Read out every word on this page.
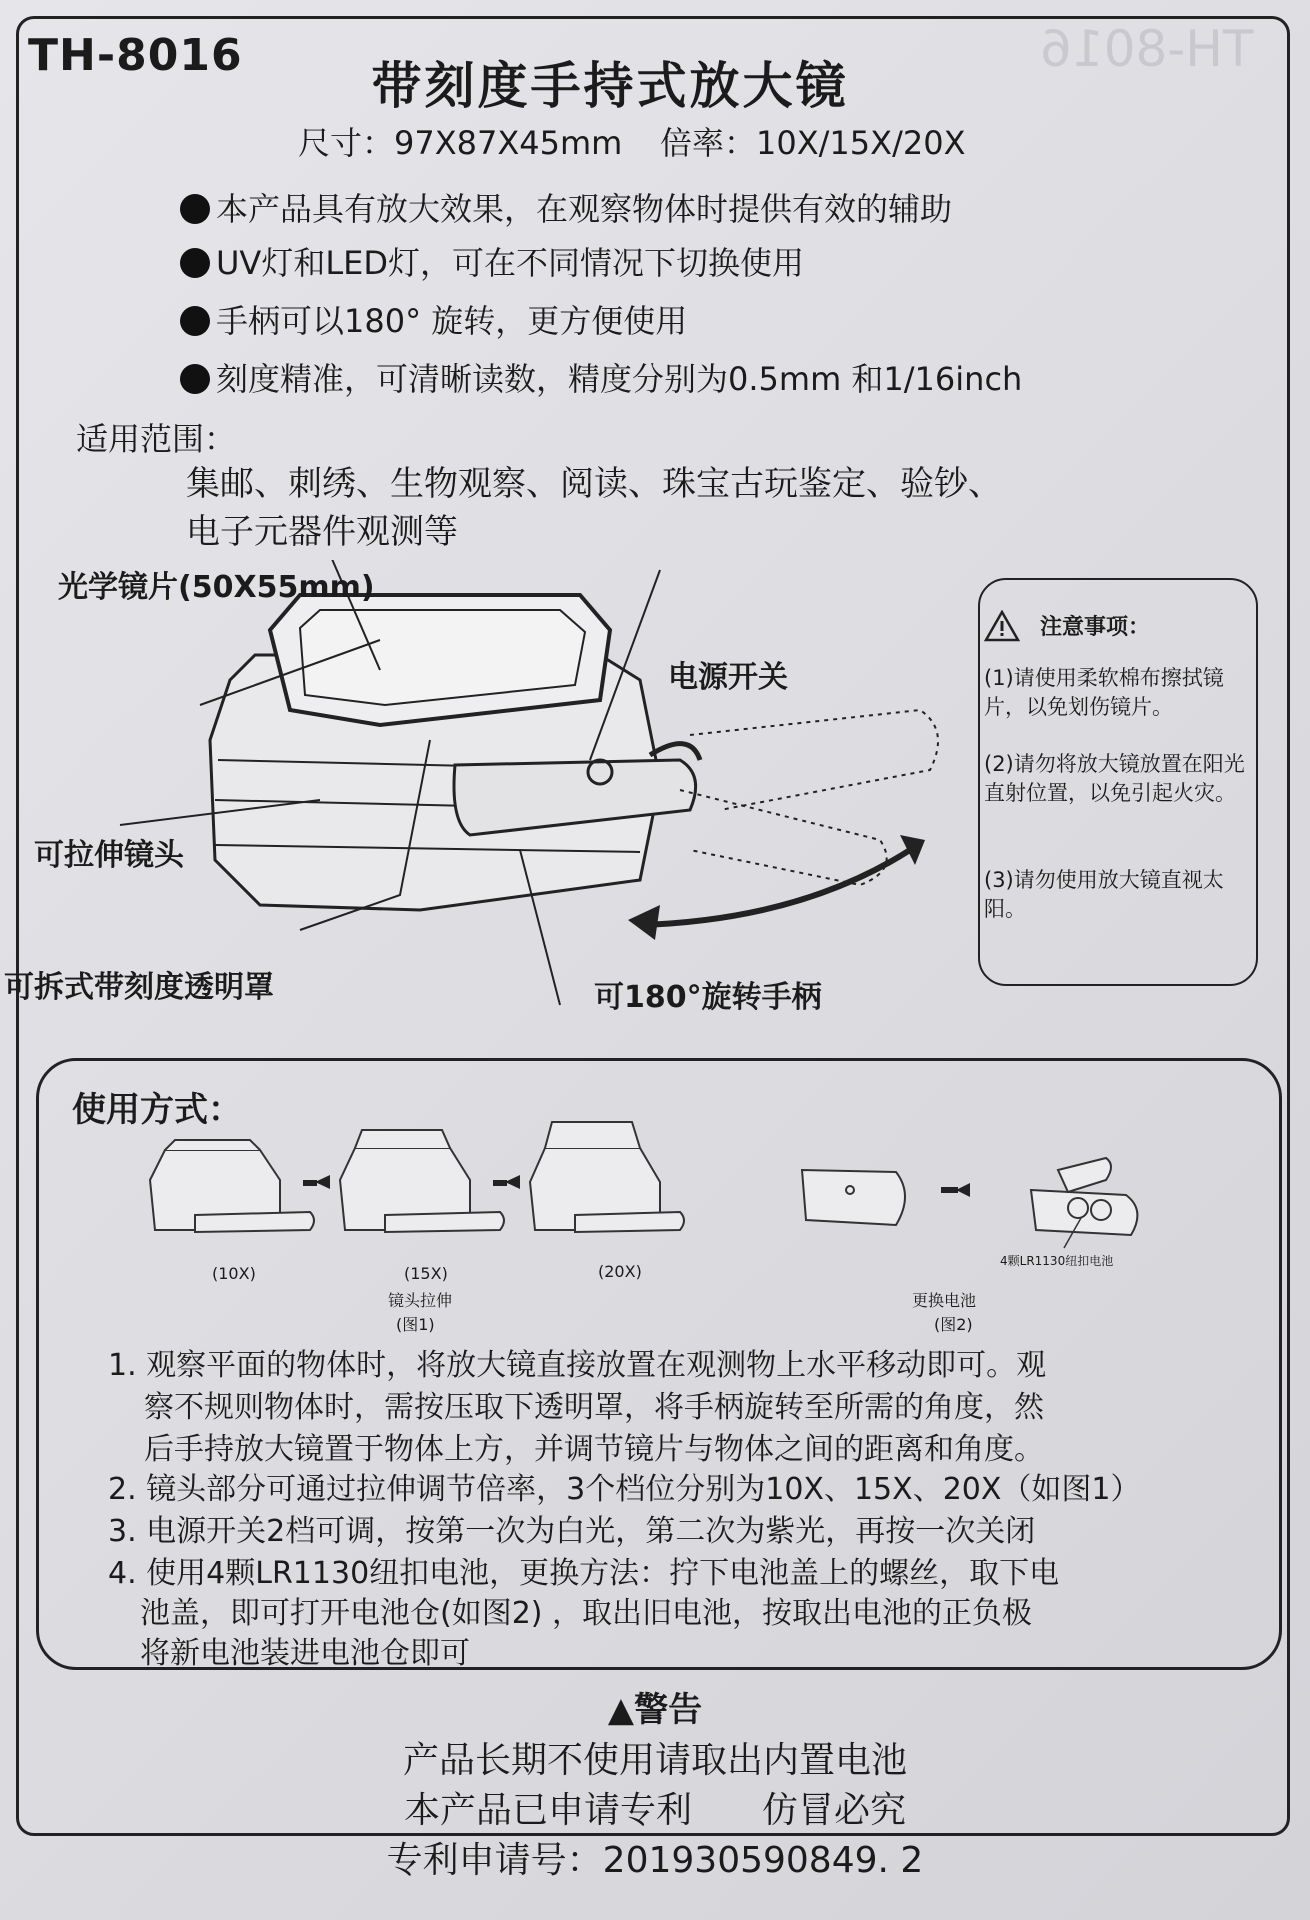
TH-8016
TH-8016
带刻度手持式放大镜
尺寸：97X87X45mm 倍率：10X/15X/20X
本产品具有放大效果，在观察物体时提供有效的辅助
UV灯和LED灯，可在不同情况下切换使用
手柄可以180° 旋转，更方便使用
刻度精准，可清晰读数，精度分别为0.5mm 和1/16inch
适用范围：
集邮、刺绣、生物观察、阅读、珠宝古玩鉴定、验钞、
电子元器件观测等
光学镜片(50X55mm)
电源开关
可拉伸镜头
可拆式带刻度透明罩	可180°旋转手柄
注意事项：
(1)请使用柔软棉布擦拭镜片，以免划伤镜片。
(2)请勿将放大镜放置在阳光直射位置，以免引起火灾。
(3)请勿使用放大镜直视太阳。
使用方式：
(10X)	(15X)	(20X)
镜头拉伸
(图1)
4颗LR1130纽扣电池
更换电池
(图2)
1. 观察平面的物体时，将放大镜直接放置在观测物上水平移动即可。观
察不规则物体时，需按压取下透明罩，将手柄旋转至所需的角度，然
后手持放大镜置于物体上方，并调节镜片与物体之间的距离和角度。
2. 镜头部分可通过拉伸调节倍率，3个档位分别为10X、15X、20X（如图1）
3. 电源开关2档可调，按第一次为白光，第二次为紫光，再按一次关闭
4. 使用4颗LR1130纽扣电池，更换方法：拧下电池盖上的螺丝，取下电
池盖，即可打开电池仓(如图2) ，取出旧电池，按取出电池的正负极
将新电池装进电池仓即可
▲警告
产品长期不使用请取出内置电池
本产品已申请专利 仿冒必究
专利申请号：201930590849. 2
